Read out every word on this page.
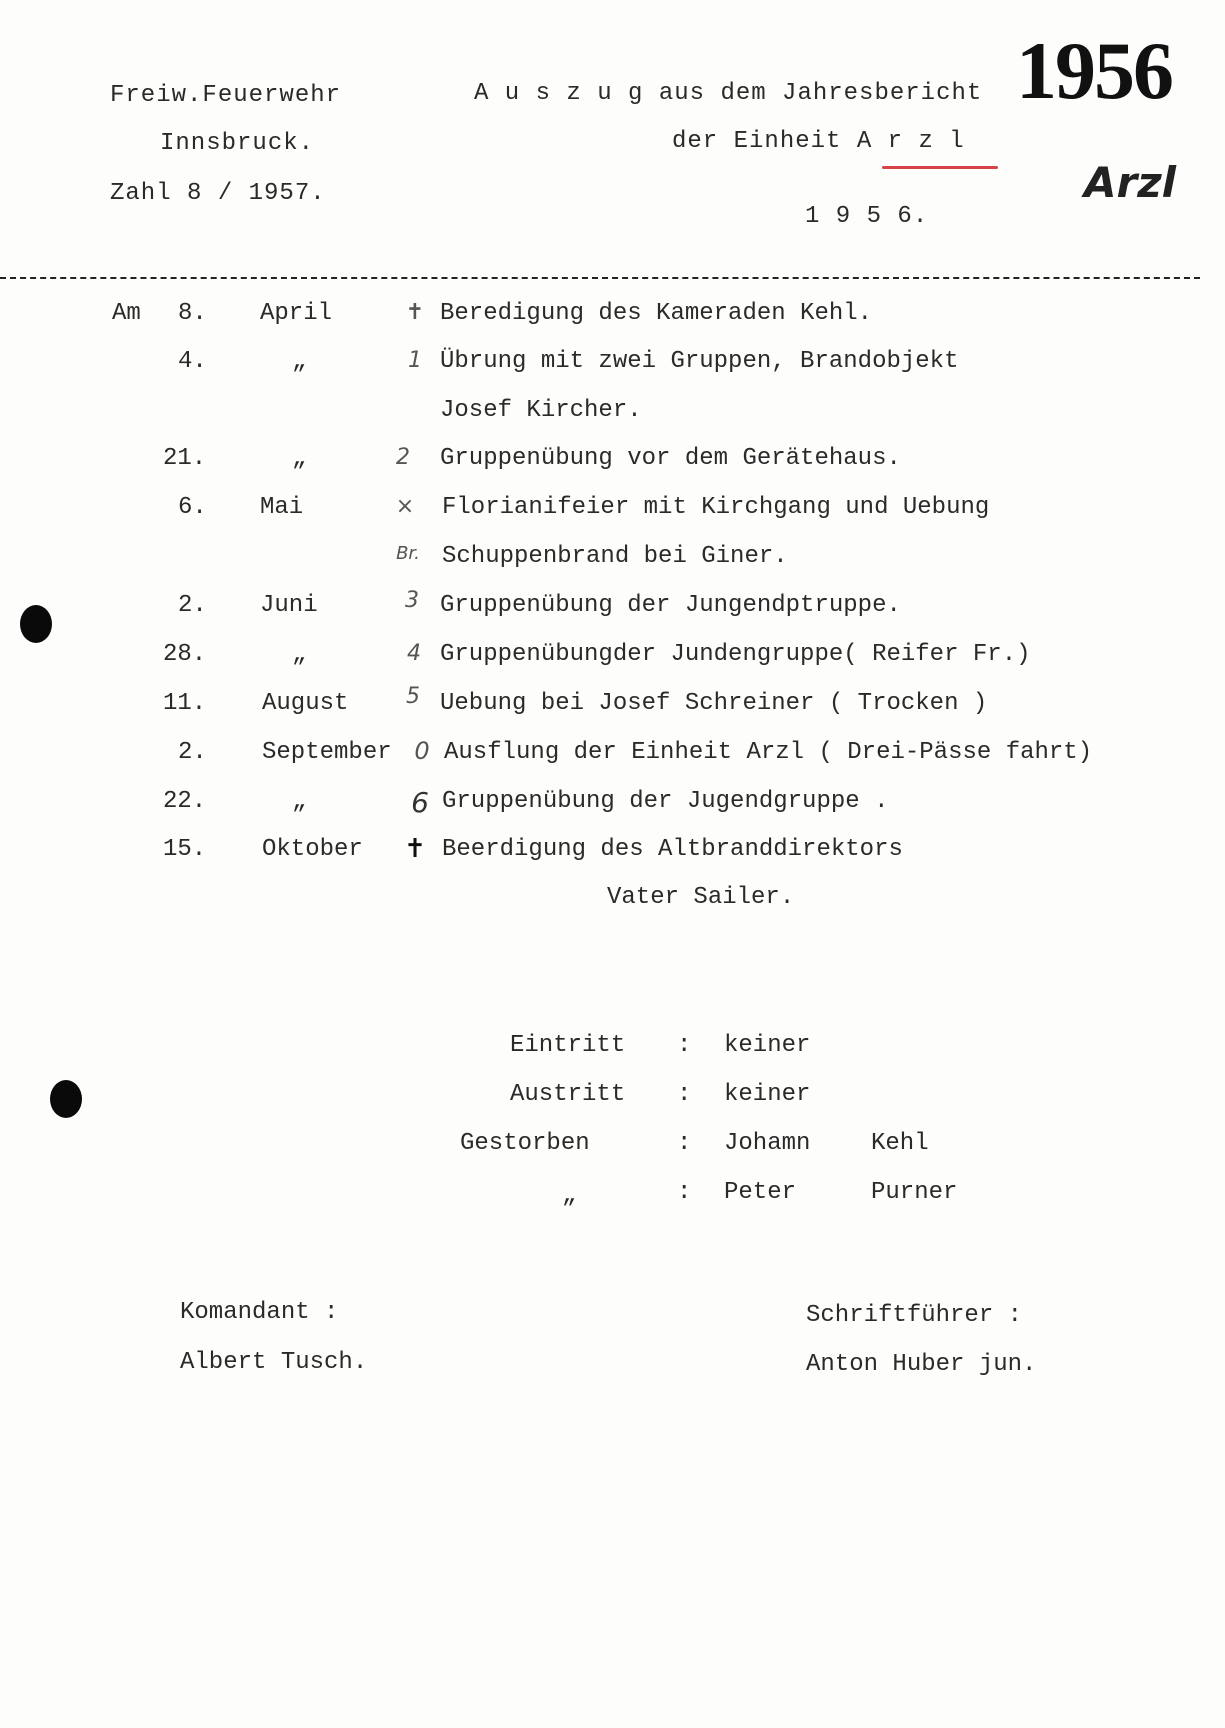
Freiw.Feuerwehr
Innsbruck.
Zahl 8 / 1957.
A u s z u g aus dem Jahresbericht
der Einheit A r z l
1 9 5 6.
1956
Arzl
Am 8. April	✝ Beredigung des Kameraden Kehl.
4.	„	1 Übrung mit zwei Gruppen, Brandobjekt
Josef Kircher.
21.	„	2	Gruppenübung vor dem Gerätehaus.
6. Mai	×	Florianifeier mit Kirchgang und Uebung
Br. Schuppenbrand bei Giner.
2. Juni	3 Gruppenübung der Jungendptruppe.
28.	„	4 Gruppenübungder Jundengruppe( Reifer Fr.)
11. August	5 Uebung bei Josef Schreiner ( Trocken )
2. September 0 Ausflung der Einheit Arzl ( Drei-Pässe fahrt)
22.	„	6 Gruppenübung der Jugendgruppe .
15. Oktober	✝ Beerdigung des Altbranddirektors
Vater Sailer.
Eintritt : keiner
Austritt : keiner
Gestorben	: Johamn	Kehl
„	: Peter	Purner
Komandant :
Albert Tusch.
Schriftführer :
Anton Huber jun.
